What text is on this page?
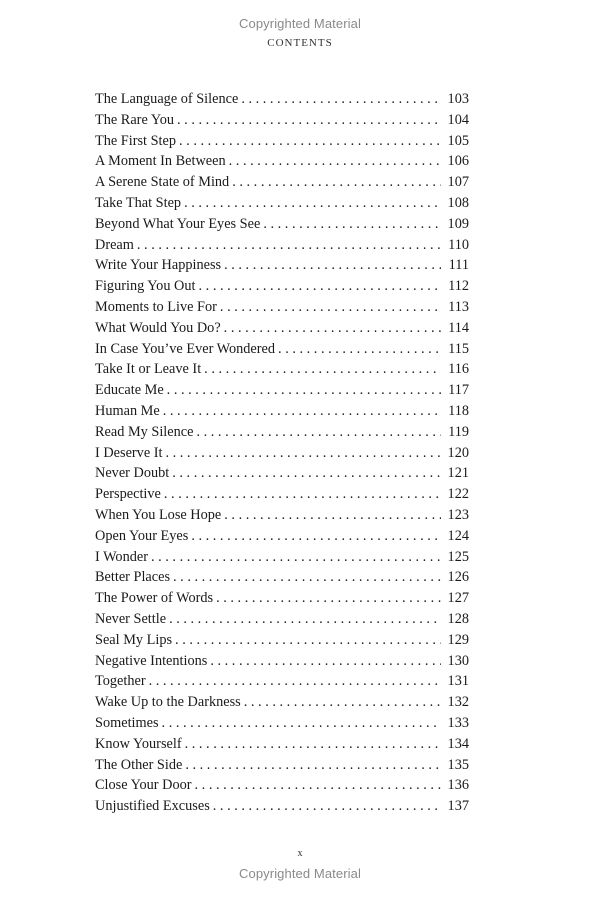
Copyrighted Material
CONTENTS
The Language of Silence . . .	103
The Rare You . . .	104
The First Step . . .	105
A Moment In Between . . .	106
A Serene State of Mind . . .	107
Take That Step . . .	108
Beyond What Your Eyes See . . .	109
Dream . . .	110
Write Your Happiness . . .	111
Figuring You Out . . .	112
Moments to Live For . . .	113
What Would You Do? . . .	114
In Case You’ve Ever Wondered . . .	115
Take It or Leave It . . .	116
Educate Me . . .	117
Human Me . . .	118
Read My Silence . . .	119
I Deserve It . . .	120
Never Doubt . . .	121
Perspective . . .	122
When You Lose Hope . . .	123
Open Your Eyes . . .	124
I Wonder . . .	125
Better Places . . .	126
The Power of Words . . .	127
Never Settle . . .	128
Seal My Lips . . .	129
Negative Intentions . . .	130
Together . . .	131
Wake Up to the Darkness . . .	132
Sometimes . . .	133
Know Yourself . . .	134
The Other Side . . .	135
Close Your Door . . .	136
Unjustified Excuses . . .	137
x
Copyrighted Material
